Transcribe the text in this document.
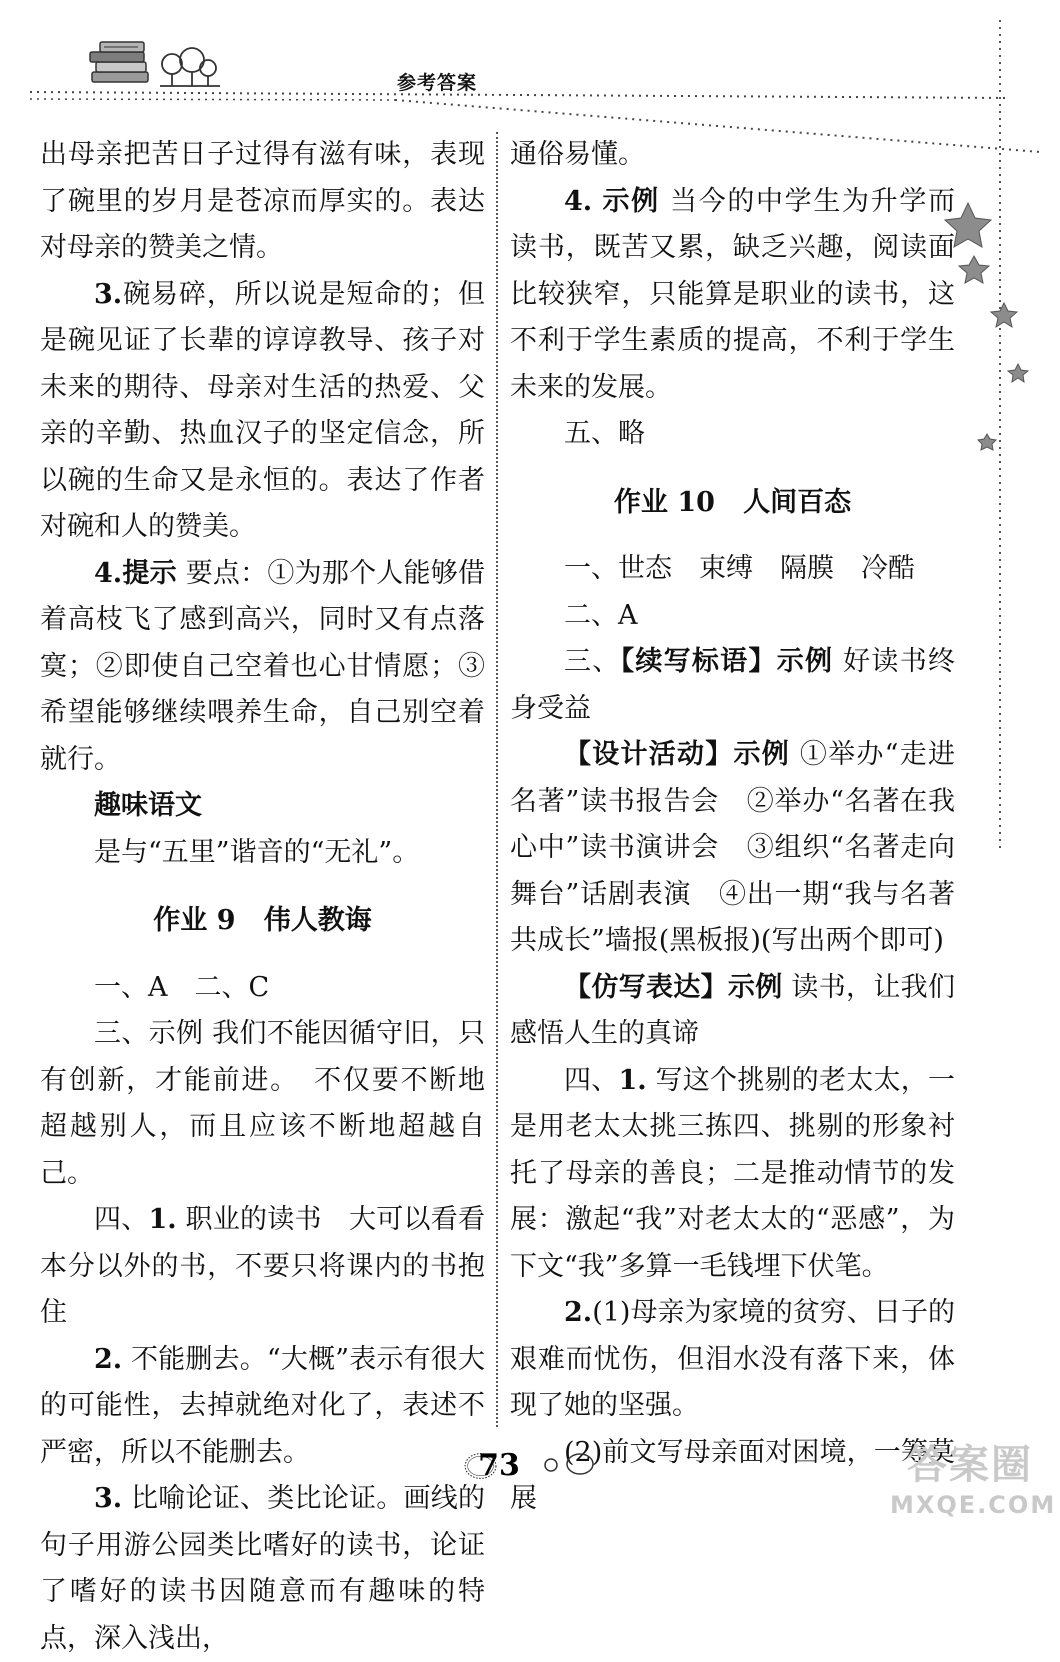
参考答案

出母亲把苦日子过得有滋有味，表现了碗里的岁月是苍凉而厚实的。表达对母亲的赞美之情。

3.碗易碎，所以说是短命的；但是碗见证了长辈的谆谆教导、孩子对未来的期待、母亲对生活的热爱、父亲的辛勤、热血汉子的坚定信念，所以碗的生命又是永恒的。表达了作者对碗和人的赞美。

4.提示 要点：①为那个人能够借着高枝飞了感到高兴，同时又有点落寞；②即使自己空着也心甘情愿；③希望能够继续喂养生命，自己别空着就行。

趣味语文

是与“五里”谐音的“无礼”。

作业 9 伟人教诲

一、A　二、C

三、示例 我们不能因循守旧，只有创新，才能前进。　不仅要不断地超越别人，而且应该不断地超越自己。

四、1. 职业的读书　大可以看看本分以外的书，不要只将课内的书抱住

2. 不能删去。“大概”表示有很大的可能性，去掉就绝对化了，表述不严密，所以不能删去。

3. 比喻论证、类比论证。画线的句子用游公园类比嗜好的读书，论证了嗜好的读书因随意而有趣味的特点，深入浅出，

通俗易懂。

4. 示例 当今的中学生为升学而读书，既苦又累，缺乏兴趣，阅读面比较狭窄，只能算是职业的读书，这不利于学生素质的提高，不利于学生未来的发展。

五、略

作业 10 人间百态

一、世态　束缚　隔膜　冷酷

二、A

三、【续写标语】示例 好读书终身受益

【设计活动】示例 ①举办“走进名著”读书报告会　②举办“名著在我心中”读书演讲会　③组织“名著走向舞台”话剧表演　④出一期“我与名著共成长”墙报(黑板报)(写出两个即可)

【仿写表达】示例 读书，让我们感悟人生的真谛

四、1. 写这个挑剔的老太太，一是用老太太挑三拣四、挑剔的形象衬托了母亲的善良；二是推动情节的发展：激起“我”对老太太的“恶感”，为下文“我”多算一毛钱埋下伏笔。

2.(1)母亲为家境的贫穷、日子的艰难而忧伤，但泪水没有落下来，体现了她的坚强。

(2)前文写母亲面对困境，一筹莫展

73	答案圈
MXQE.COM
